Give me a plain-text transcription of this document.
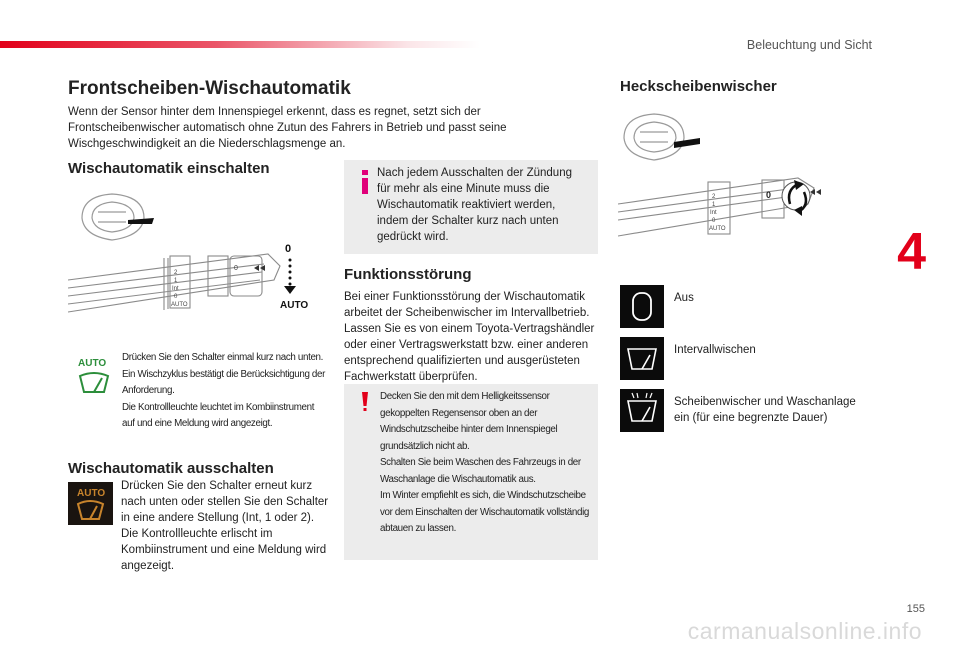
Beleuchtung und Sicht
4
Frontscheiben-Wischautomatik
Wenn der Sensor hinter dem Innenspiegel erkennt, dass es regnet, setzt sich der Frontscheibenwischer automatisch ohne Zutun des Fahrers in Betrieb und passt seine Wischgeschwindigkeit an die Niederschlagsmenge an.
Wischautomatik einschalten
2
1
Int
0
AUTO
0
0
AUTO
AUTO
Drücken Sie den Schalter einmal kurz nach unten.
Ein Wischzyklus bestätigt die Berücksichtigung der Anforderung.
Die Kontrollleuchte leuchtet im Kombiinstrument auf und eine Meldung wird angezeigt.
Wischautomatik ausschalten
AUTO
Drücken Sie den Schalter erneut kurz nach unten oder stellen Sie den Schalter in eine andere Stellung (Int, 1 oder 2).
Die Kontrollleuchte erlischt im Kombiinstrument und eine Meldung wird angezeigt.
Nach jedem Ausschalten der Zündung für mehr als eine Minute muss die Wischautomatik reaktiviert werden, indem der Schalter kurz nach unten gedrückt wird.
Funktionsstörung
Bei einer Funktionsstörung der Wischautomatik arbeitet der Scheibenwischer im Intervallbetrieb.
Lassen Sie es von einem Toyota-Vertragshändler oder einer Vertragswerkstatt bzw. einer anderen entsprechend qualifizierten und ausgerüsteten Fachwerkstatt überprüfen.
Decken Sie den mit dem Helligkeitssensor gekoppelten Regensensor oben an der Windschutzscheibe hinter dem Innenspiegel grundsätzlich nicht ab.
Schalten Sie beim Waschen des Fahrzeugs in der Waschanlage die Wischautomatik aus.
Im Winter empfiehlt es sich, die Windschutzscheibe vor dem Einschalten der Wischautomatik vollständig abtauen zu lassen.
Heckscheibenwischer
2
1
Int
0
AUTO
0
Aus
Intervallwischen
Scheibenwischer und Waschanlage ein (für eine begrenzte Dauer)
155
carmanualsonline.info
